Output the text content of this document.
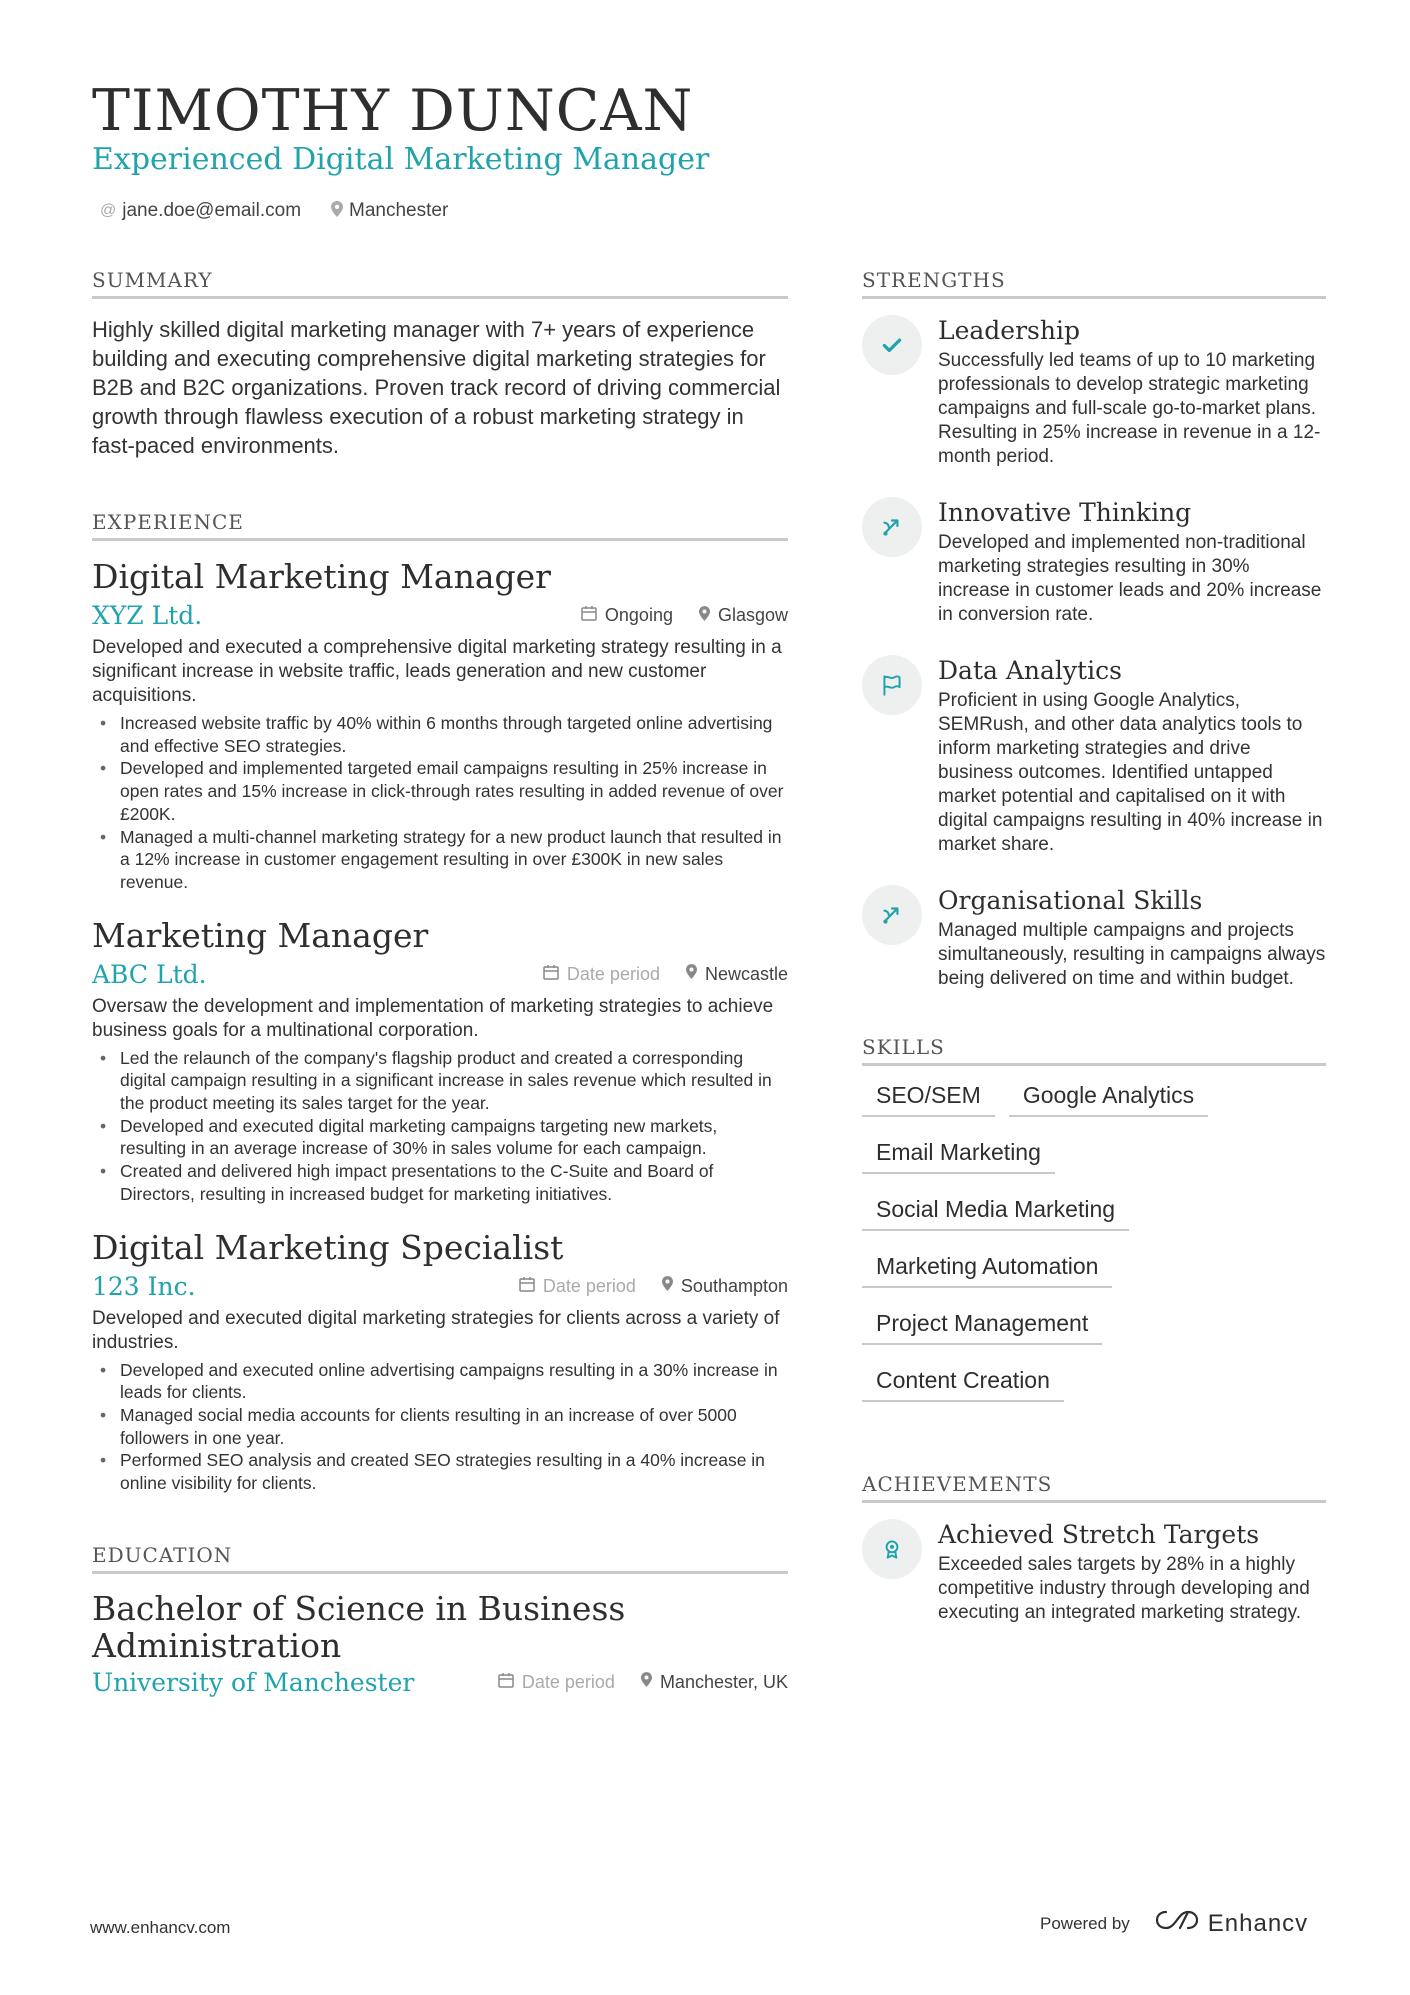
TIMOTHY DUNCAN
Experienced Digital Marketing Manager
@ jane.doe@email.com	Manchester
SUMMARY
Highly skilled digital marketing manager with 7+ years of experience building and executing comprehensive digital marketing strategies for B2B and B2C organizations. Proven track record of driving commercial growth through flawless execution of a robust marketing strategy in fast-paced environments.
EXPERIENCE
Digital Marketing Manager
XYZ Ltd.	Ongoing	Glasgow
Developed and executed a comprehensive digital marketing strategy resulting in a significant increase in website traffic, leads generation and new customer acquisitions.
• Increased website traffic by 40% within 6 months through targeted online advertising and effective SEO strategies.
• Developed and implemented targeted email campaigns resulting in 25% increase in open rates and 15% increase in click-through rates resulting in added revenue of over £200K.
• Managed a multi-channel marketing strategy for a new product launch that resulted in a 12% increase in customer engagement resulting in over £300K in new sales revenue.
Marketing Manager
ABC Ltd.	Date period	Newcastle
Oversaw the development and implementation of marketing strategies to achieve business goals for a multinational corporation.
• Led the relaunch of the company's flagship product and created a corresponding digital campaign resulting in a significant increase in sales revenue which resulted in the product meeting its sales target for the year.
• Developed and executed digital marketing campaigns targeting new markets, resulting in an average increase of 30% in sales volume for each campaign.
• Created and delivered high impact presentations to the C-Suite and Board of Directors, resulting in increased budget for marketing initiatives.
Digital Marketing Specialist
123 Inc.	Date period	Southampton
Developed and executed digital marketing strategies for clients across a variety of industries.
• Developed and executed online advertising campaigns resulting in a 30% increase in leads for clients.
• Managed social media accounts for clients resulting in an increase of over 5000 followers in one year.
• Performed SEO analysis and created SEO strategies resulting in a 40% increase in online visibility for clients.
EDUCATION
Bachelor of Science in Business Administration
University of Manchester	Date period	Manchester, UK
STRENGTHS
Leadership
Successfully led teams of up to 10 marketing professionals to develop strategic marketing campaigns and full-scale go-to-market plans. Resulting in 25% increase in revenue in a 12-month period.
Innovative Thinking
Developed and implemented non-traditional marketing strategies resulting in 30% increase in customer leads and 20% increase in conversion rate.
Data Analytics
Proficient in using Google Analytics, SEMRush, and other data analytics tools to inform marketing strategies and drive business outcomes. Identified untapped market potential and capitalised on it with digital campaigns resulting in 40% increase in market share.
Organisational Skills
Managed multiple campaigns and projects simultaneously, resulting in campaigns always being delivered on time and within budget.
SKILLS
SEO/SEM	Google Analytics
Email Marketing
Social Media Marketing
Marketing Automation
Project Management
Content Creation
ACHIEVEMENTS
Achieved Stretch Targets
Exceeded sales targets by 28% in a highly competitive industry through developing and executing an integrated marketing strategy.
www.enhancv.com	Powered by	Enhancv
